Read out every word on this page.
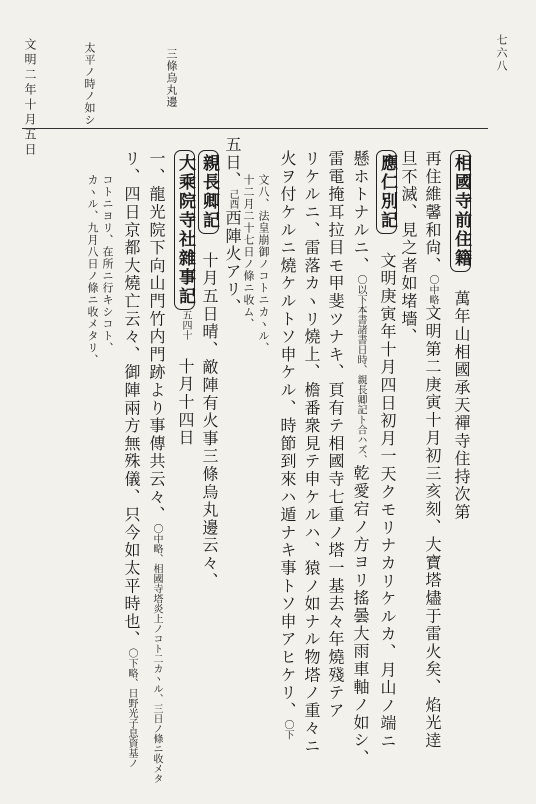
七六八
文明二年十月五日	三條烏丸邊
太平ノ時ノ如シ
相國寺前住籍　萬年山相國承天禪寺住持次第
再住維馨和尙、〇中略文明第二庚寅十月初三亥刻、大寶塔燼于雷火矣、焰光逹
旦不滅、見之者如堵墻、
應仁別記　文明庚寅年十月四日初月一天クモリナカリケルカ、月山ノ端ニ
懸ホトナルニ、〇以下本書諸書日時、親長卿記ト合ハズ、乾愛宕ノ方ヨリ搖曇大雨車軸ノ如シ、
雷電掩耳拉目モ甲斐ツナキ、頁有テ相國寺七重ノ塔一基去々年燒殘テア
リケルニ、雷落カヽリ燒上、檐番衆見テ申ケルハ、猿ノ如ナル物塔ノ重々ニ
火ヲ付ケルニ燒ケルトソ申ケル、時節到來ハ遁ナキ事トソ申アヒケリ、〇下
文八、法皇崩御ノコトニカヽル、
十二月二十七日ノ條ニ收ム、
五日、己酉西陣火アリ、
親長卿記　十月五日晴、敵陣有火事三條烏丸邊云々、
大乘院寺社雜事記五四十　十月十四日
一、龍光院下向山門竹内門跡より事傳共云々、〇中略、相國寺塔炎上ノコト二カヽル、三日ノ條ニ收メタ
リ、四日京都大燒亡云々、御陣兩方無殊儀、只今如太平時也、〇下略、日野光子息資基ノ
コトニヨリ、在所ニ行キシコト、
カヽル、九月八日ノ條ニ收メタリ、
